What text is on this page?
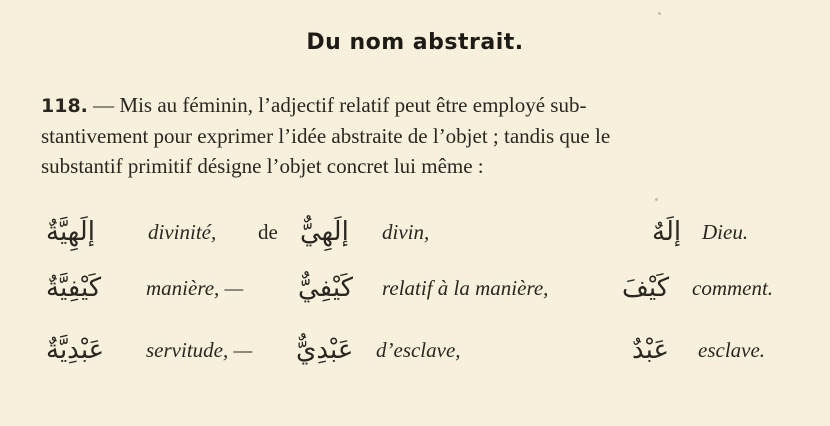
Du nom abstrait.
118. — Mis au féminin, l’adjectif relatif peut être employé sub-
stantivement pour exprimer l’idée abstraite de l’objet ; tandis que le
substantif primitif désigne l’objet concret lui même :
إلَهِيَّةٌ	divinité, de إلَهِيٌّ divin,	إلَهٌ Dieu.
كَيْفِيَّةٌ manière, — كَيْفِيٌّ relatif à la manière,	كَيْفَ comment.
عَبْدِيَّةٌ servitude, — عَبْدِيٌّ d’esclave,	عَبْدٌ esclave.
